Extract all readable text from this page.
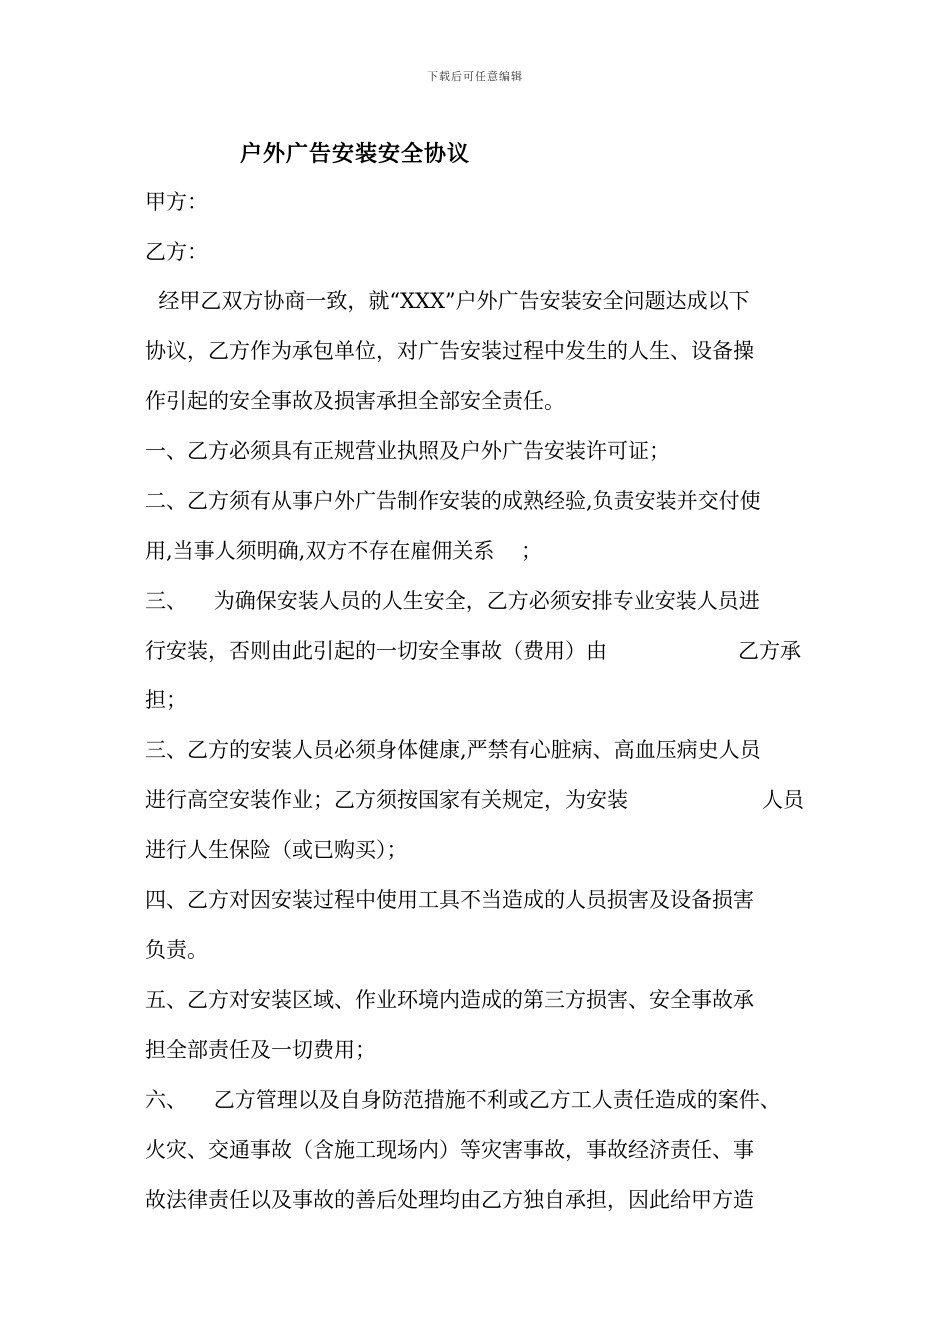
下载后可任意编辑
户外广告安装安全协议
甲方：
乙方：
经甲乙双方协商一致，就“XXX”户外广告安装安全问题达成以下
协议，乙方作为承包单位，对广告安装过程中发生的人生、设备操
作引起的安全事故及损害承担全部安全责任。
一、乙方必须具有正规营业执照及户外广告安装许可证；
二、乙方须有从事户外广告制作安装的成熟经验,负责安装并交付使
用,当事人须明确,双方不存在雇佣关系    ；
三、    为确保安装人员的人生安全，乙方必须安排专业安装人员进
行安装，否则由此引起的一切安全事故（费用）由	乙方承
担；
三、乙方的安装人员必须身体健康,严禁有心脏病、高血压病史人员
进行高空安装作业；乙方须按国家有关规定，为安装	人员
进行人生保险（或已购买）；
四、乙方对因安装过程中使用工具不当造成的人员损害及设备损害
负责。
五、乙方对安装区域、作业环境内造成的第三方损害、安全事故承
担全部责任及一切费用；
六、    乙方管理以及自身防范措施不利或乙方工人责任造成的案件、
火灾、交通事故（含施工现场内）等灾害事故，事故经济责任、事
故法律责任以及事故的善后处理均由乙方独自承担，因此给甲方造
